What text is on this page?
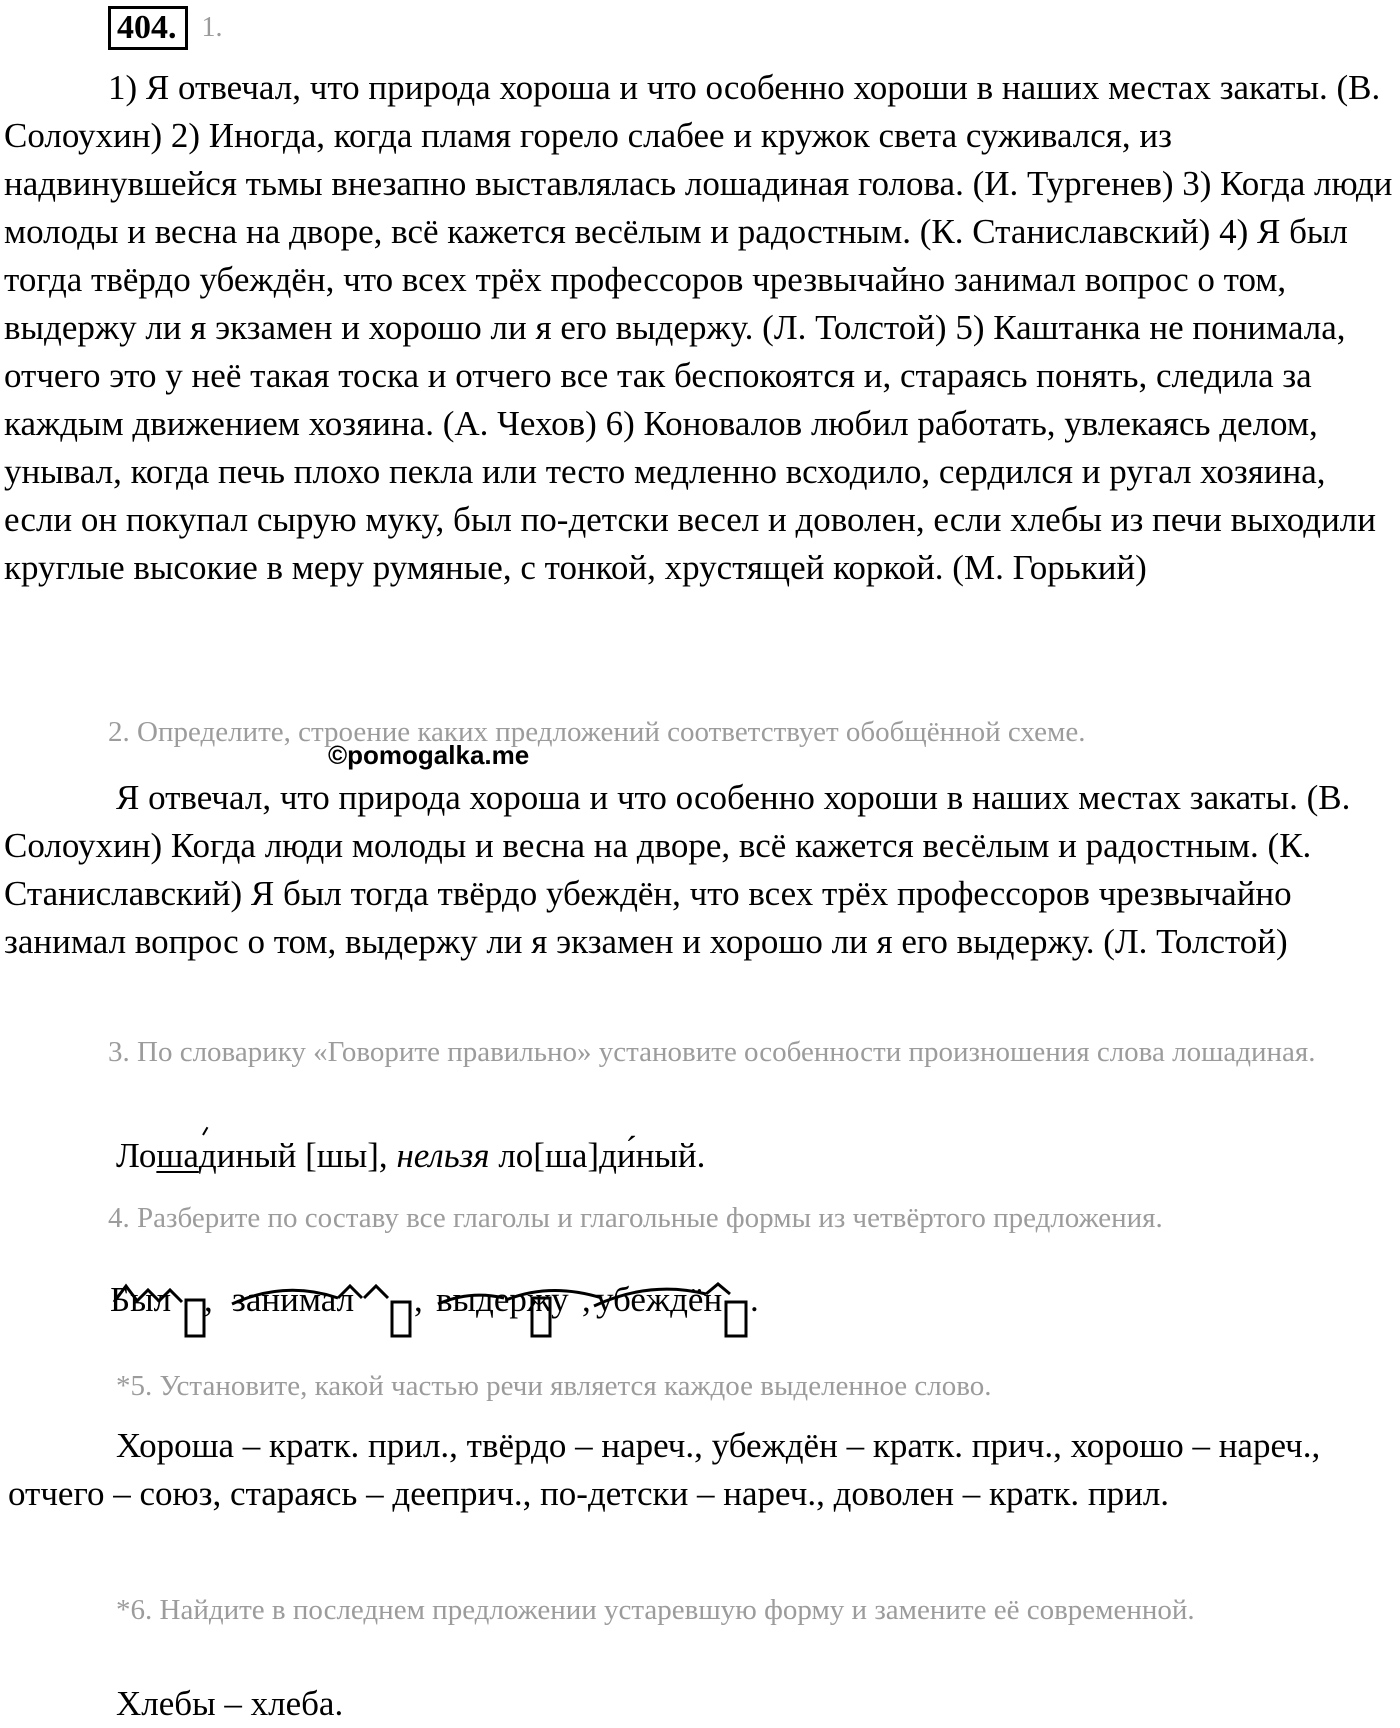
404. 1.

1) Я отвечал, что природа хороша и что особенно хороши в наших местах закаты. (В. Солоухин) 2) Иногда, когда пламя горело слабее и кружок света суживался, из надвинувшейся тьмы внезапно выставлялась лошадиная голова. (И. Тургенев) 3) Когда люди молоды и весна на дворе, всё кажется весёлым и радостным. (К. Станиславский) 4) Я был тогда твёрдо убеждён, что всех трёх профессоров чрезвычайно занимал вопрос о том, выдержу ли я экзамен и хорошо ли я его выдержу. (Л. Толстой) 5) Каштанка не понимала, отчего это у неё такая тоска и отчего все так беспокоятся и, стараясь понять, следила за каждым движением хозяина. (А. Чехов) 6) Коновалов любил работать, увлекаясь делом, унывал, когда печь плохо пекла или тесто медленно всходило, сердился и ругал хозяина, если он покупал сырую муку, был по-детски весел и доволен, если хлебы из печи выходили круглые высокие в меру румяные, с тонкой, хрустящей коркой. (М. Горький)

2. Определите, строение каких предложений соответствует обобщённой схеме.

©pomogalka.me

Я отвечал, что природа хороша и что особенно хороши в наших местах закаты. (В. Солоухин) Когда люди молоды и весна на дворе, всё кажется весёлым и радостным. (К. Станиславский) Я был тогда твёрдо убеждён, что всех трёх профессоров чрезвычайно занимал вопрос о том, выдержу ли я экзамен и хорошо ли я его выдержу. (Л. Толстой)

3. По словарику «Говорите правильно» установите особенности произношения слова лошадиная.

Лошадиный [шы], нельзя ло[ша]ди́ный.

4. Разберите по составу все глаголы и глагольные формы из четвёртого предложения.

Был , занимал , выдержу , убеждён .

*5. Установите, какой частью речи является каждое выделенное слово.

Хороша – кратк. прил., твёрдо – нареч., убеждён – кратк. прич., хорошо – нареч., отчего – союз, стараясь – дееприч., по-детски – нареч., доволен – кратк. прил.

*6. Найдите в последнем предложении устаревшую форму и замените её современной.

Хлебы – хлеба.
